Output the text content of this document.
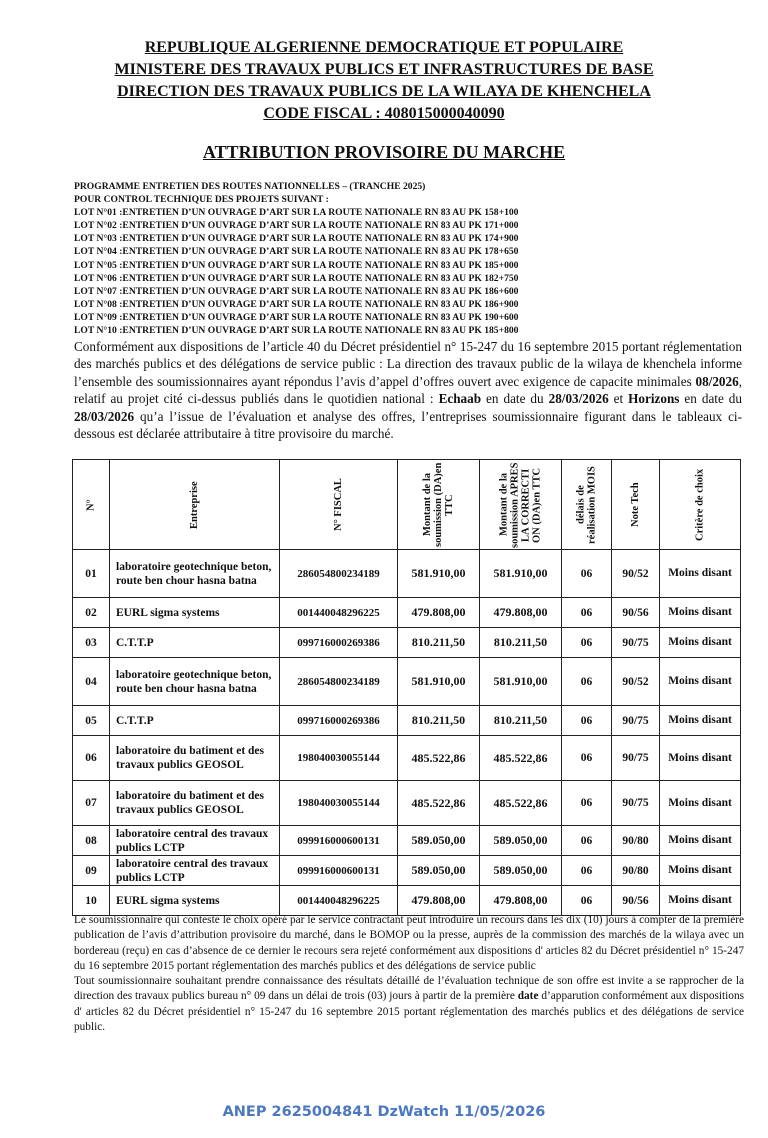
REPUBLIQUE ALGERIENNE DEMOCRATIQUE ET POPULAIRE
MINISTERE DES TRAVAUX PUBLICS ET INFRASTRUCTURES DE BASE
DIRECTION DES TRAVAUX PUBLICS DE LA WILAYA DE KHENCHELA
CODE FISCAL : 408015000040090
ATTRIBUTION PROVISOIRE DU MARCHE
PROGRAMME ENTRETIEN DES ROUTES NATIONNELLES – (TRANCHE 2025)
POUR CONTROL TECHNIQUE DES PROJETS SUIVANT :
LOT N°01 :ENTRETIEN D’UN OUVRAGE D’ART SUR LA ROUTE NATIONALE RN 83 AU PK 158+100
LOT N°02 :ENTRETIEN D’UN OUVRAGE D’ART SUR LA ROUTE NATIONALE RN 83 AU PK 171+000
LOT N°03 :ENTRETIEN D’UN OUVRAGE D’ART SUR LA ROUTE NATIONALE RN 83 AU PK 174+900
LOT N°04 :ENTRETIEN D’UN OUVRAGE D’ART SUR LA ROUTE NATIONALE RN 83 AU PK 178+650
LOT N°05 :ENTRETIEN D’UN OUVRAGE D’ART SUR LA ROUTE NATIONALE RN 83 AU PK 185+000
LOT N°06 :ENTRETIEN D’UN OUVRAGE D’ART SUR LA ROUTE NATIONALE RN 83 AU PK 182+750
LOT N°07 :ENTRETIEN D’UN OUVRAGE D’ART SUR LA ROUTE NATIONALE RN 83 AU PK 186+600
LOT N°08 :ENTRETIEN D’UN OUVRAGE D’ART SUR LA ROUTE NATIONALE RN 83 AU PK 186+900
LOT N°09 :ENTRETIEN D’UN OUVRAGE D’ART SUR LA ROUTE NATIONALE RN 83 AU PK 190+600
LOT N°10 :ENTRETIEN D’UN OUVRAGE D’ART SUR LA ROUTE NATIONALE RN 83 AU PK 185+800
Conformément aux dispositions de l’article 40 du Décret présidentiel n° 15-247 du 16 septembre 2015 portant réglementation des marchés publics et des délégations de service public : La direction des travaux public de la wilaya de khenchela informe l’ensemble des soumissionnaires ayant répondus l’avis d’appel d’offres ouvert avec exigence de capacite minimales 08/2026, relatif au projet cité ci-dessus publiés dans le quotidien national : Echaab en date du 28/03/2026 et Horizons en date du 28/03/2026 qu’a l’issue de l’évaluation et analyse des offres, l’entreprises soumissionnaire figurant dans le tableaux ci-dessous est déclarée attributaire à titre provisoire du marché.
N°	Entreprise	N° FISCAL	Montant de la soumission (DA)en TTC	Montant de la soumission APRES LA CORRECTI ON (DA)en TTC	délais de réalisation MOIS	Note Tech	Critère de choix

01	laboratoire geotechnique beton, route ben chour hasna batna	286054800234189	581.910,00	581.910,00	06	90/52	Moins disant
02	EURL sigma systems	001440048296225	479.808,00	479.808,00	06	90/56	Moins disant
03	C.T.T.P	099716000269386	810.211,50	810.211,50	06	90/75	Moins disant
04	laboratoire geotechnique beton, route ben chour hasna batna	286054800234189	581.910,00	581.910,00	06	90/52	Moins disant
05	C.T.T.P	099716000269386	810.211,50	810.211,50	06	90/75	Moins disant
06	laboratoire du batiment et des travaux publics GEOSOL	198040030055144	485.522,86	485.522,86	06	90/75	Moins disant
07	laboratoire du batiment et des travaux publics GEOSOL	198040030055144	485.522,86	485.522,86	06	90/75	Moins disant
08	laboratoire central des travaux publics LCTP	099916000600131	589.050,00	589.050,00	06	90/80	Moins disant
09	laboratoire central des travaux publics LCTP	099916000600131	589.050,00	589.050,00	06	90/80	Moins disant
10	EURL sigma systems	001440048296225	479.808,00	479.808,00	06	90/56	Moins disant
Le soumissionnaire qui conteste le choix opéré par le service contractant peut introduire un recours dans les dix (10) jours à compter de la première publication de l’avis d’attribution provisoire du marché, dans le BOMOP ou la presse, auprès de la commission des marchés de la wilaya avec un bordereau (reçu) en cas d’absence de ce dernier le recours sera rejeté conformément aux dispositions d' articles 82 du Décret présidentiel n° 15-247 du 16 septembre 2015 portant réglementation des marchés publics et des délégations de service public
Tout soumissionnaire souhaitant prendre connaissance des résultats détaillé de l’évaluation technique de son offre est invite a se rapprocher de la direction des travaux publics bureau n° 09 dans un délai de trois (03) jours à partir de la première date d’apparution conformément aux dispositions d' articles 82 du Décret présidentiel n° 15-247 du 16 septembre 2015 portant réglementation des marchés publics et des délégations de service public.
ANEP 2625004841 DzWatch 11/05/2026
